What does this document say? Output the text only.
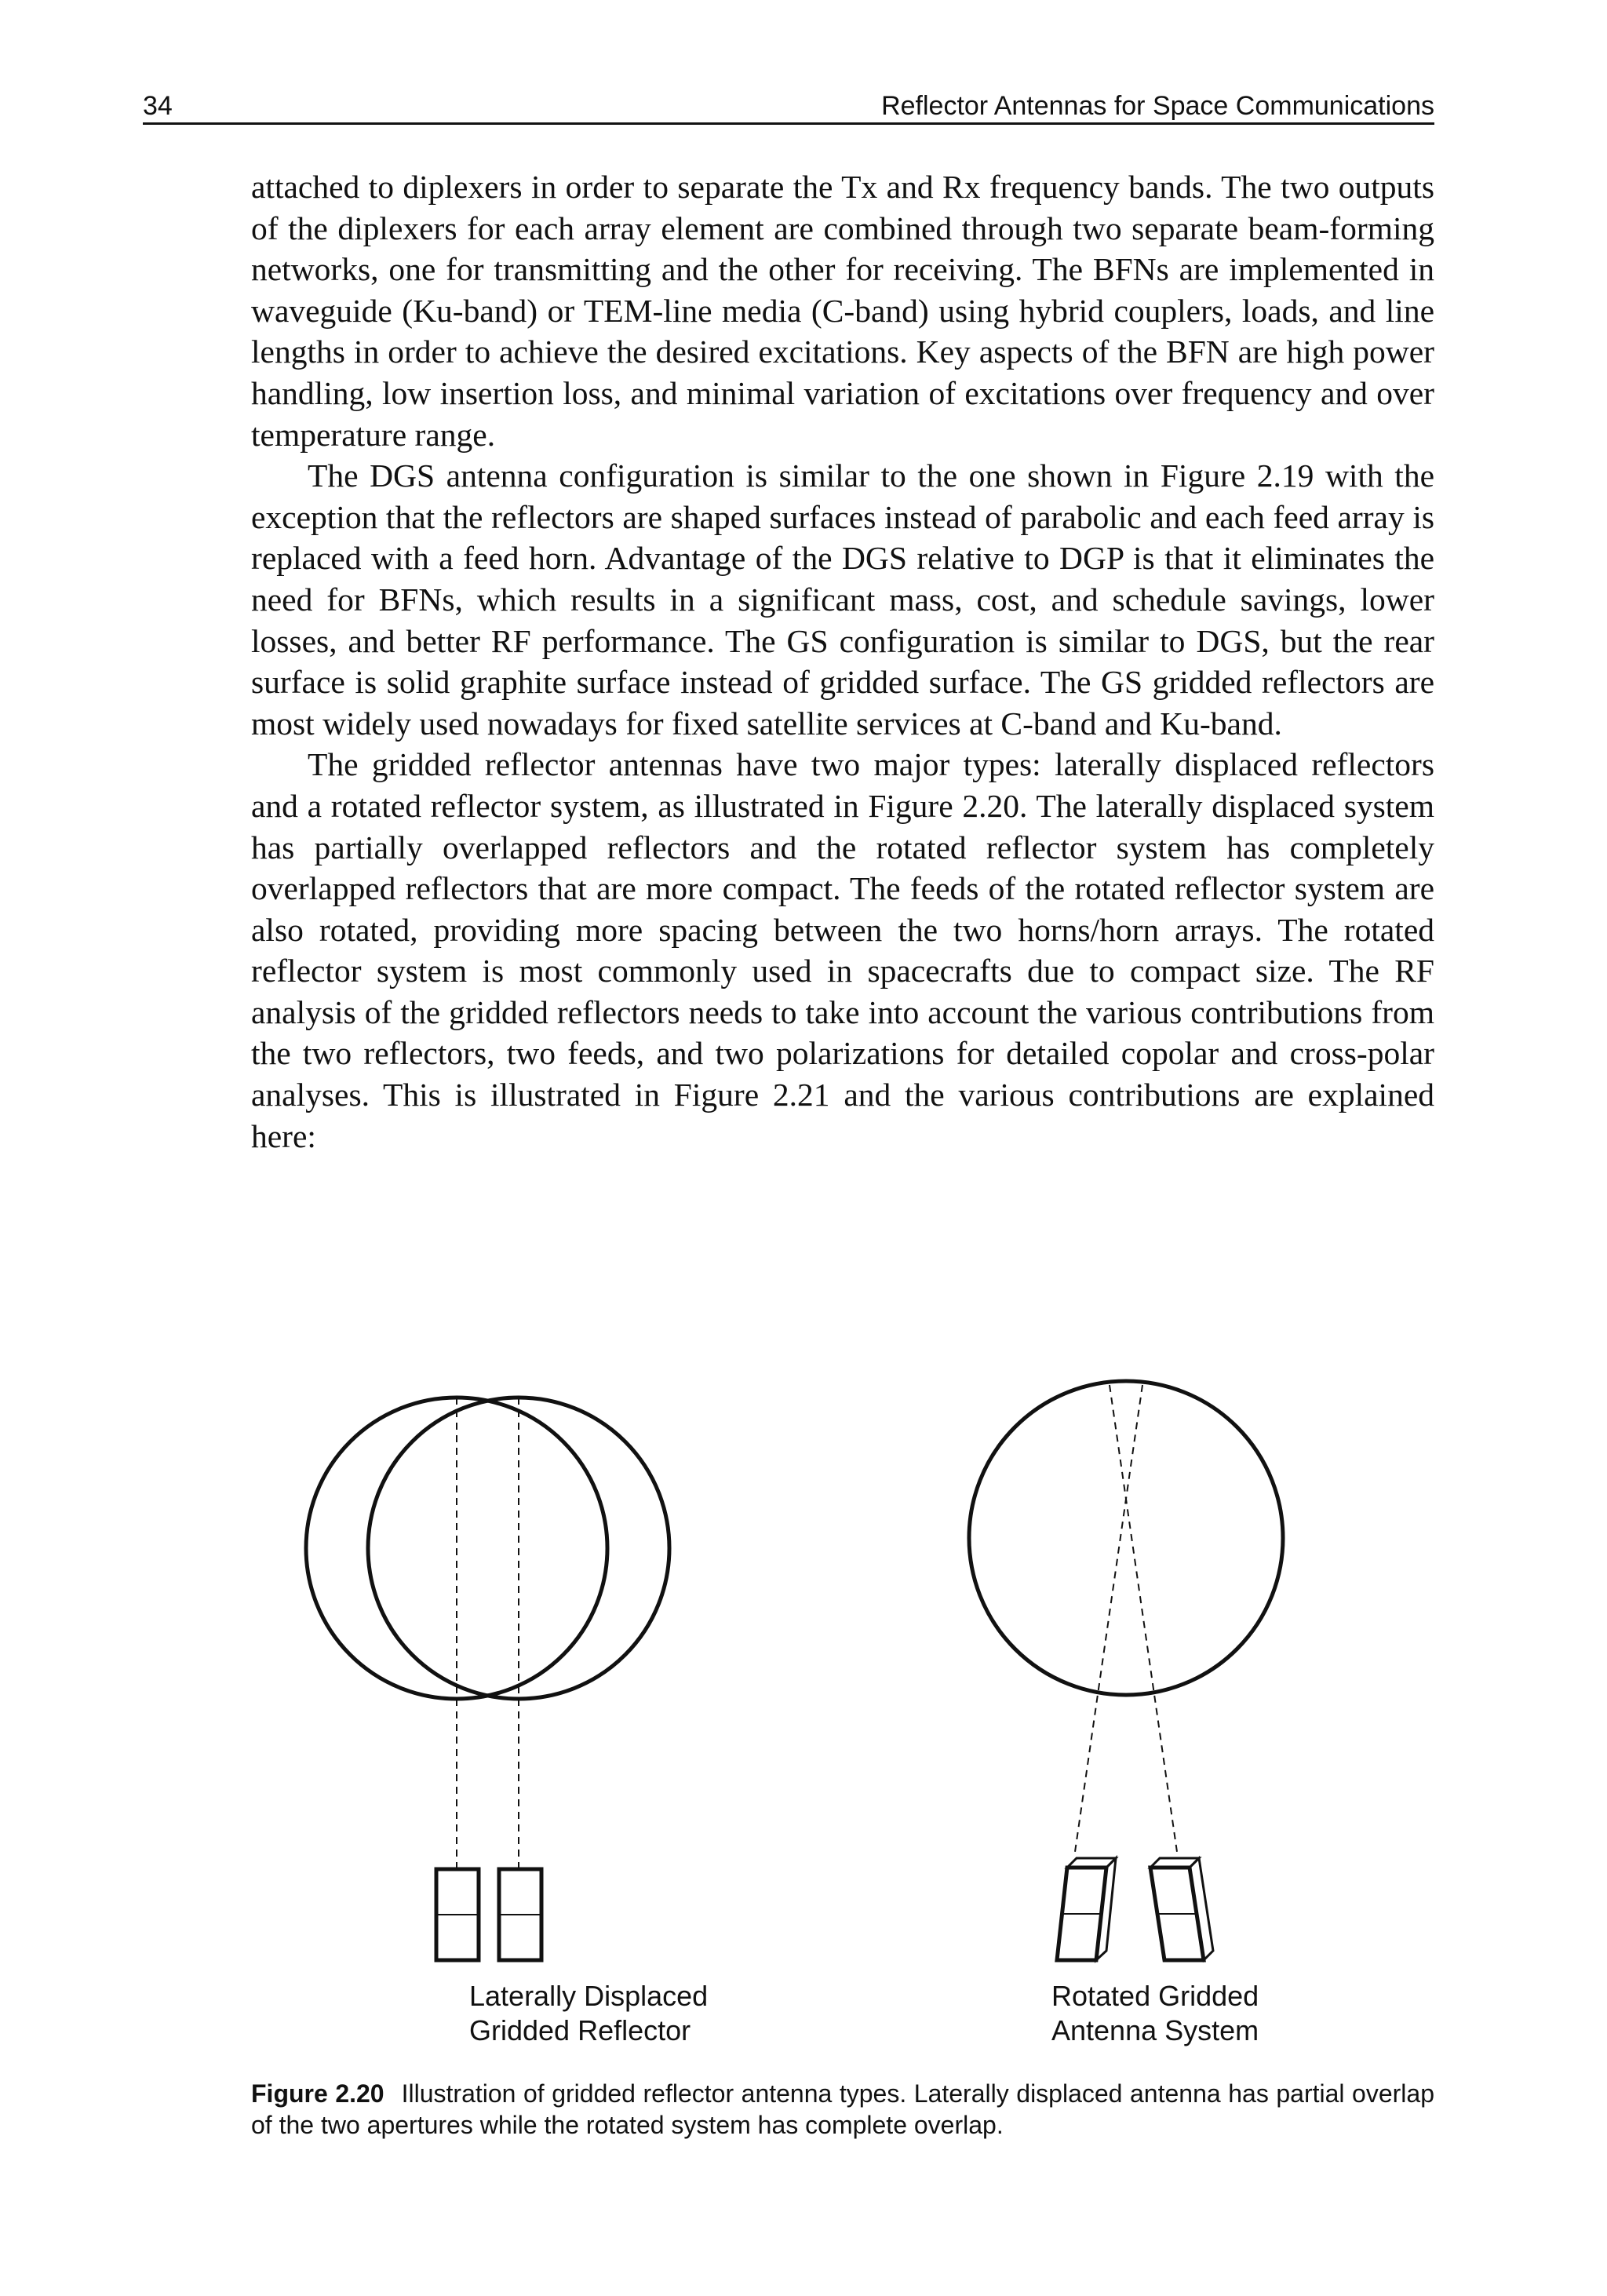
34	Reflector Antennas for Space Communications

attached to diplexers in order to separate the Tx and Rx frequency bands. The two outputs of the diplexers for each array element are combined through two separate beam-forming networks, one for transmitting and the other for receiving. The BFNs are implemented in waveguide (Ku-band) or TEM-line media (C-band) using hybrid couplers, loads, and line lengths in order to achieve the desired excitations. Key aspects of the BFN are high power handling, low insertion loss, and minimal variation of excitations over frequency and over temperature range.

The DGS antenna configuration is similar to the one shown in Figure 2.19 with the exception that the reflectors are shaped surfaces instead of parabolic and each feed array is replaced with a feed horn. Advantage of the DGS relative to DGP is that it eliminates the need for BFNs, which results in a significant mass, cost, and schedule savings, lower losses, and better RF performance. The GS configuration is similar to DGS, but the rear surface is solid graphite surface instead of gridded surface. The GS gridded reflectors are most widely used nowadays for fixed satellite services at C-band and Ku-band.

The gridded reflector antennas have two major types: laterally displaced reflectors and a rotated reflector system, as illustrated in Figure 2.20. The laterally displaced system has partially overlapped reflectors and the rotated reflector system has completely overlapped reflectors that are more compact. The feeds of the rotated reflector system are also rotated, providing more spacing between the two horns/horn arrays. The rotated reflector system is most commonly used in spacecrafts due to compact size. The RF analysis of the gridded reflectors needs to take into account the various contributions from the two reflectors, two feeds, and two polarizations for detailed copolar and cross-polar analyses. This is illustrated in Figure 2.21 and the various contributions are explained here:

Laterally Displaced
Gridded Reflector
Rotated Gridded
Antenna System
Figure 2.20 Illustration of gridded reflector antenna types. Laterally displaced antenna has partial overlap of the two apertures while the rotated system has complete overlap.
